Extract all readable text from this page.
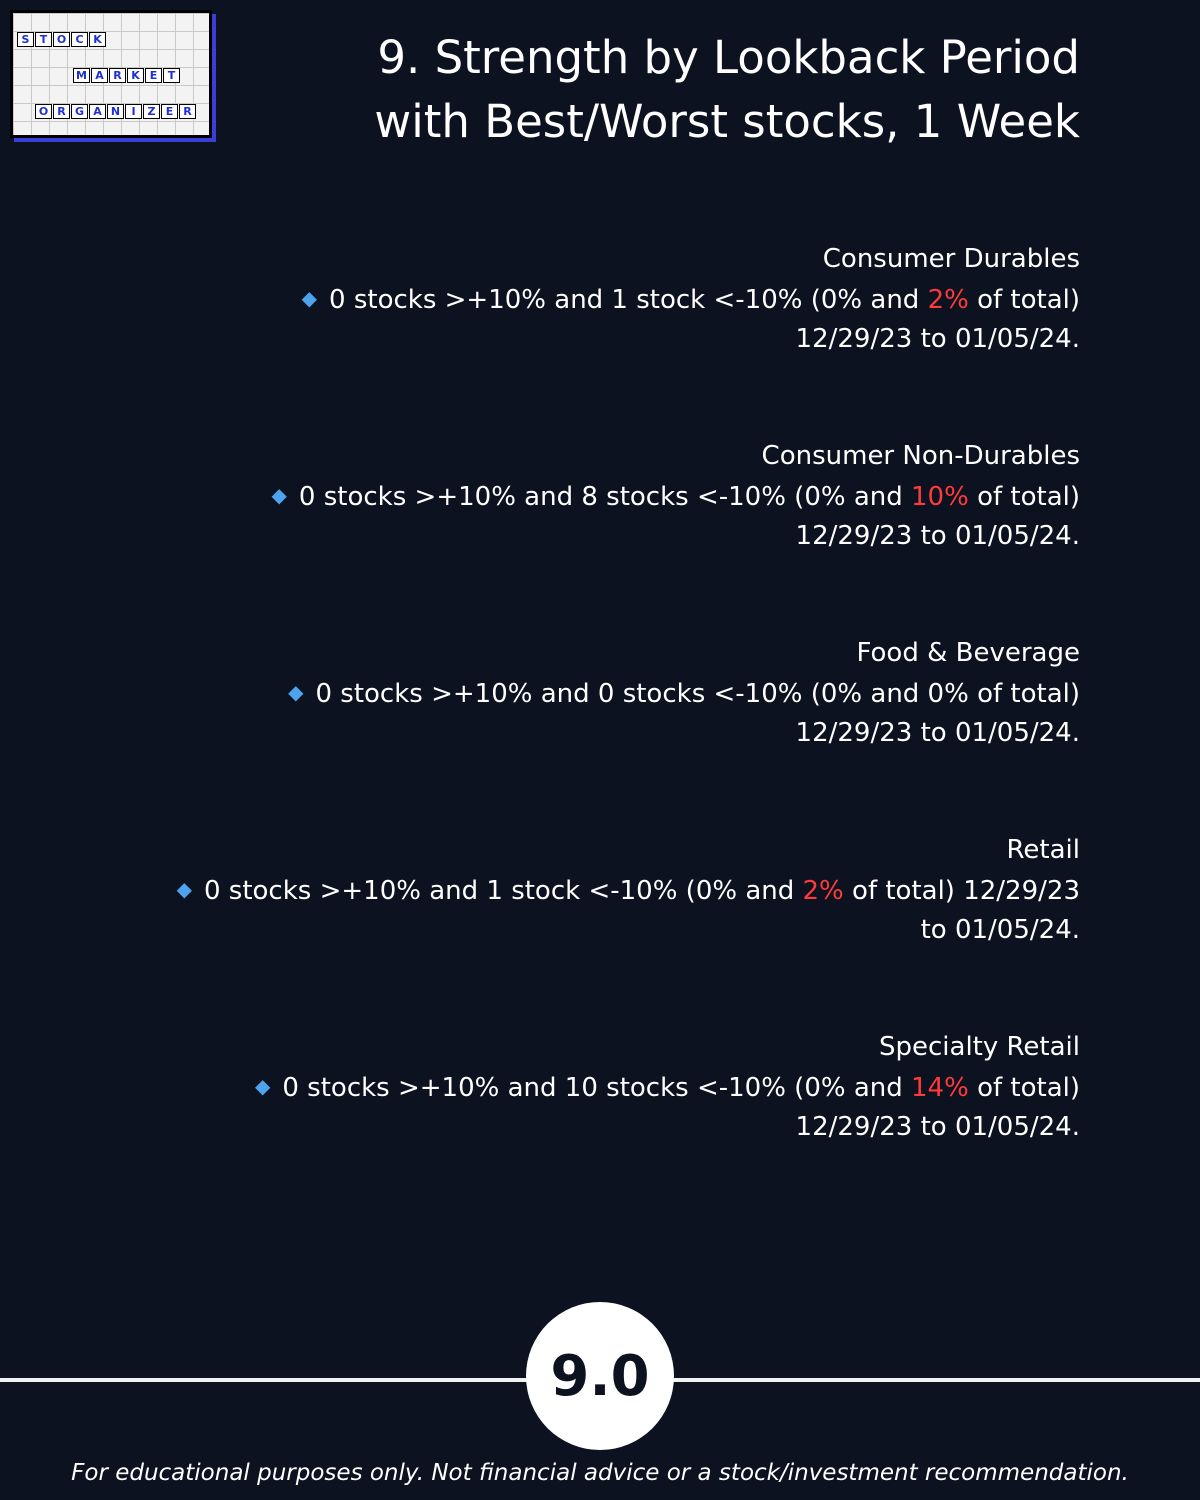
S T O C K
M A R K E T
O R G A N	I	Z E R
9. Strength by Lookback Period
with Best/Worst stocks, 1 Week
Consumer Durables
◆ 0 stocks >+10% and 1 stock <-10% (0% and 2% of total)
12/29/23 to 01/05/24.
Consumer Non-Durables
◆ 0 stocks >+10% and 8 stocks <-10% (0% and 10% of total)
12/29/23 to 01/05/24.
Food & Beverage
◆ 0 stocks >+10% and 0 stocks <-10% (0% and 0% of total)
12/29/23 to 01/05/24.
Retail
◆ 0 stocks >+10% and 1 stock <-10% (0% and 2% of total) 12/29/23
to 01/05/24.
Specialty Retail
◆ 0 stocks >+10% and 10 stocks <-10% (0% and 14% of total)
12/29/23 to 01/05/24.
9.0
For educational purposes only. Not financial advice or a stock/investment recommendation.
